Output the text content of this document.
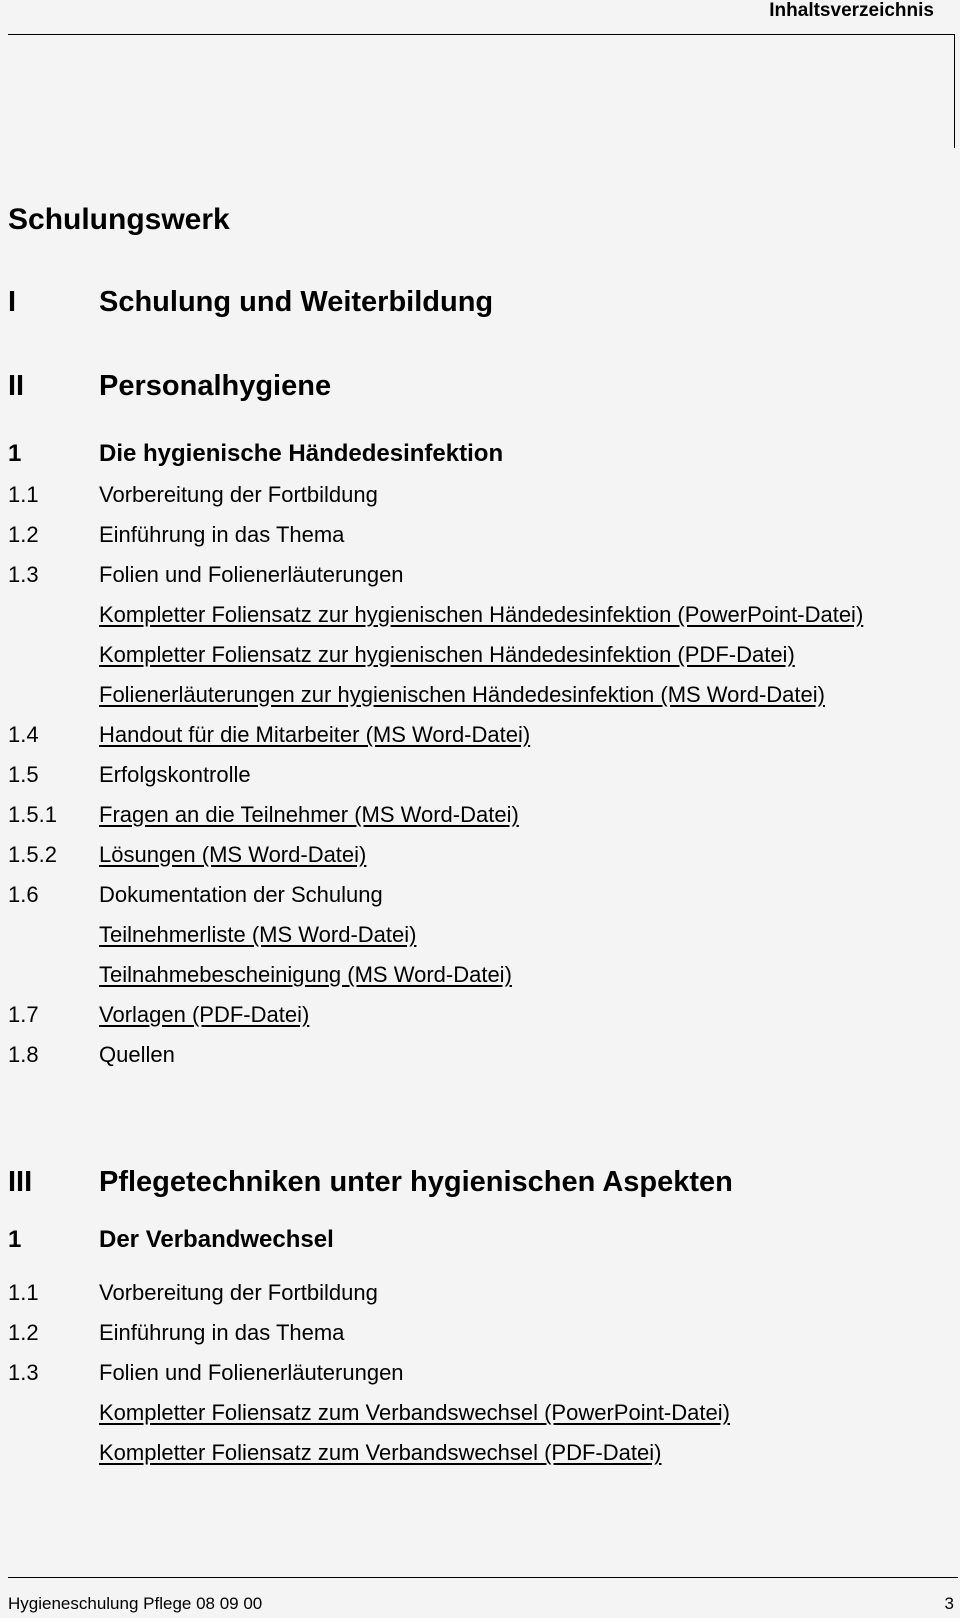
Inhaltsverzeichnis
Schulungswerk
I	Schulung und Weiterbildung
II	Personalhygiene
1	Die hygienische Händedesinfektion
1.1	Vorbereitung der Fortbildung
1.2	Einführung in das Thema
1.3	Folien und Folienerläuterungen
Kompletter Foliensatz zur hygienischen Händedesinfektion (PowerPoint-Datei)
Kompletter Foliensatz zur hygienischen Händedesinfektion (PDF-Datei)
Folienerläuterungen zur hygienischen Händedesinfektion (MS Word-Datei)
1.4	Handout für die Mitarbeiter (MS Word-Datei)
1.5	Erfolgskontrolle
1.5.1 Fragen an die Teilnehmer (MS Word-Datei)
1.5.2 Lösungen (MS Word-Datei)
1.6	Dokumentation der Schulung
Teilnehmerliste (MS Word-Datei)
Teilnahmebescheinigung (MS Word-Datei)
1.7	Vorlagen (PDF-Datei)
1.8	Quellen
III Pflegetechniken unter hygienischen Aspekten
1	Der Verbandwechsel
1.1	Vorbereitung der Fortbildung
1.2	Einführung in das Thema
1.3	Folien und Folienerläuterungen
Kompletter Foliensatz zum Verbandswechsel (PowerPoint-Datei)
Kompletter Foliensatz zum Verbandswechsel (PDF-Datei)
Hygieneschulung Pflege 08 09 00	3
